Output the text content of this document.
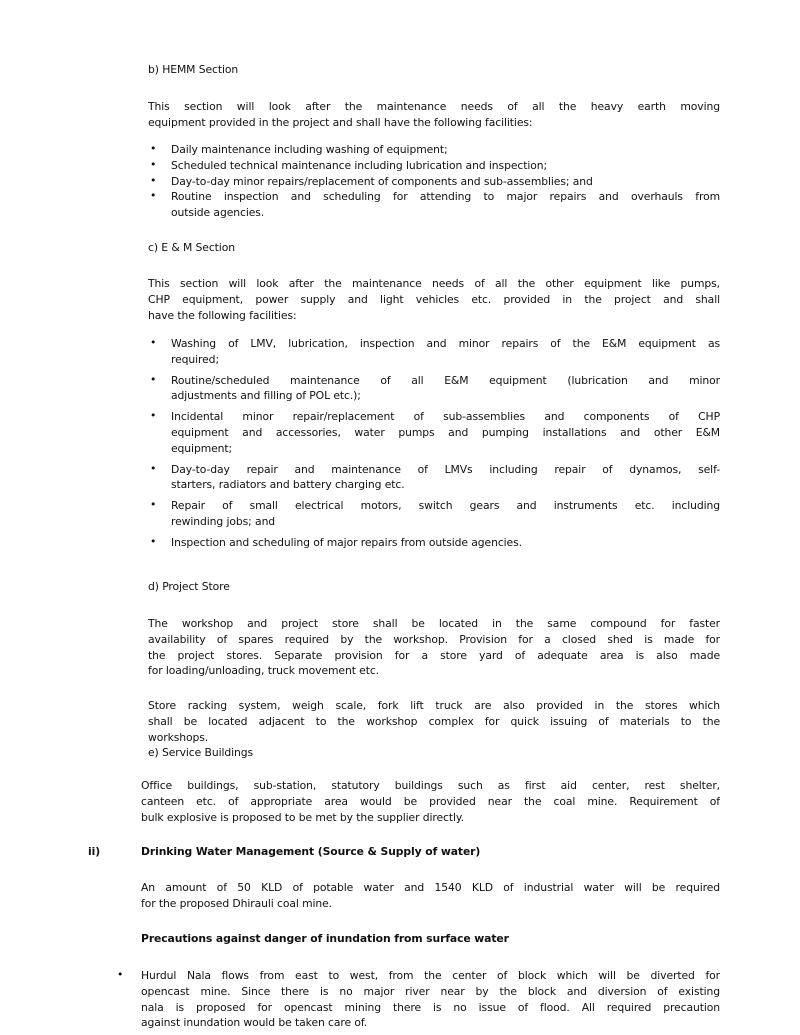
b) HEMM Section
This section will look after the maintenance needs of all the heavy earth moving
equipment provided in the project and shall have the following facilities:
• Daily maintenance including washing of equipment;
• Scheduled technical maintenance including lubrication and inspection;
• Day-to-day minor repairs/replacement of components and sub-assemblies; and
• Routine inspection and scheduling for attending to major repairs and overhauls from
outside agencies.
c) E & M Section
This section will look after the maintenance needs of all the other equipment like pumps,
CHP equipment, power supply and light vehicles etc. provided in the project and shall
have the following facilities:
• Washing of LMV, lubrication, inspection and minor repairs of the E&M equipment as
required;
• Routine/scheduled maintenance of all E&M equipment (lubrication and minor
adjustments and filling of POL etc.);
• Incidental minor repair/replacement of sub-assemblies and components of CHP
equipment and accessories, water pumps and pumping installations and other E&M
equipment;
• Day-to-day repair and maintenance of LMVs including repair of dynamos, self-
starters, radiators and battery charging etc.
• Repair of small electrical motors, switch gears and instruments etc. including
rewinding jobs; and
• Inspection and scheduling of major repairs from outside agencies.
d) Project Store
The workshop and project store shall be located in the same compound for faster
availability of spares required by the workshop. Provision for a closed shed is made for
the project stores. Separate provision for a store yard of adequate area is also made
for loading/unloading, truck movement etc.
Store racking system, weigh scale, fork lift truck are also provided in the stores which
shall be located adjacent to the workshop complex for quick issuing of materials to the
workshops.
e) Service Buildings
Office buildings, sub-station, statutory buildings such as first aid center, rest shelter,
canteen etc. of appropriate area would be provided near the coal mine. Requirement of
bulk explosive is proposed to be met by the supplier directly.
ii)	Drinking Water Management (Source & Supply of water)
An amount of 50 KLD of potable water and 1540 KLD of industrial water will be required
for the proposed Dhirauli coal mine.
Precautions against danger of inundation from surface water
• Hurdul Nala flows from east to west, from the center of block which will be diverted for
opencast mine. Since there is no major river near by the block and diversion of existing
nala is proposed for opencast mining there is no issue of flood. All required precaution
against inundation would be taken care of.
